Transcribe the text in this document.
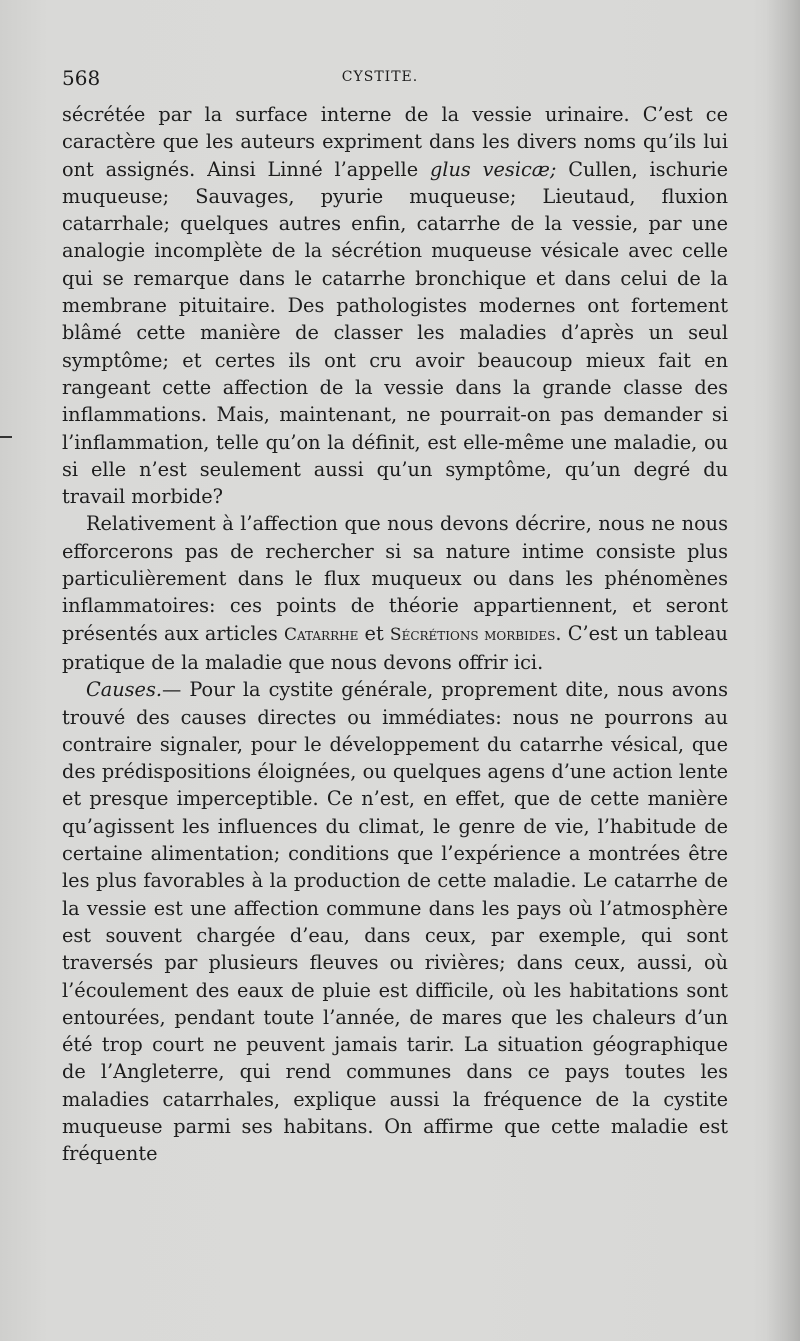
568	CYSTITE.

sécrétée par la surface interne de la vessie urinaire. C’est ce caractère que les auteurs expriment dans les divers noms qu’ils lui ont assignés. Ainsi Linné l’appelle glus vesicæ; Cullen, ischurie muqueuse; Sauvages, pyurie muqueuse; Lieutaud, fluxion catarrhale; quelques autres enfin, catarrhe de la vessie, par une analogie incomplète de la sécrétion muqueuse vésicale avec celle qui se remarque dans le catarrhe bronchique et dans celui de la membrane pituitaire. Des pathologistes modernes ont fortement blâmé cette manière de classer les maladies d’après un seul symptôme; et certes ils ont cru avoir beaucoup mieux fait en rangeant cette affection de la vessie dans la grande classe des inflammations. Mais, maintenant, ne pourrait-on pas demander si l’inflammation, telle qu’on la définit, est elle-même une maladie, ou si elle n’est seulement aussi qu’un symptôme, qu’un degré du travail morbide?

Relativement à l’affection que nous devons décrire, nous ne nous efforcerons pas de rechercher si sa nature intime consiste plus particulièrement dans le flux muqueux ou dans les phénomènes inflammatoires: ces points de théorie appartiennent, et seront présentés aux articles Catarrhe et Sécrétions morbides. C’est un tableau pratique de la maladie que nous devons offrir ici.

Causes.— Pour la cystite générale, proprement dite, nous avons trouvé des causes directes ou immédiates: nous ne pourrons au contraire signaler, pour le développement du catarrhe vésical, que des prédispositions éloignées, ou quelques agens d’une action lente et presque imperceptible. Ce n’est, en effet, que de cette manière qu’agissent les influences du climat, le genre de vie, l’habitude de certaine alimentation; conditions que l’expérience a montrées être les plus favorables à la production de cette maladie. Le catarrhe de la vessie est une affection commune dans les pays où l’atmosphère est souvent chargée d’eau, dans ceux, par exemple, qui sont traversés par plusieurs fleuves ou rivières; dans ceux, aussi, où l’écoulement des eaux de pluie est difficile, où les habitations sont entourées, pendant toute l’année, de mares que les chaleurs d’un été trop court ne peuvent jamais tarir. La situation géographique de l’Angleterre, qui rend communes dans ce pays toutes les maladies catarrhales, explique aussi la fréquence de la cystite muqueuse parmi ses habitans. On affirme que cette maladie est fréquente
